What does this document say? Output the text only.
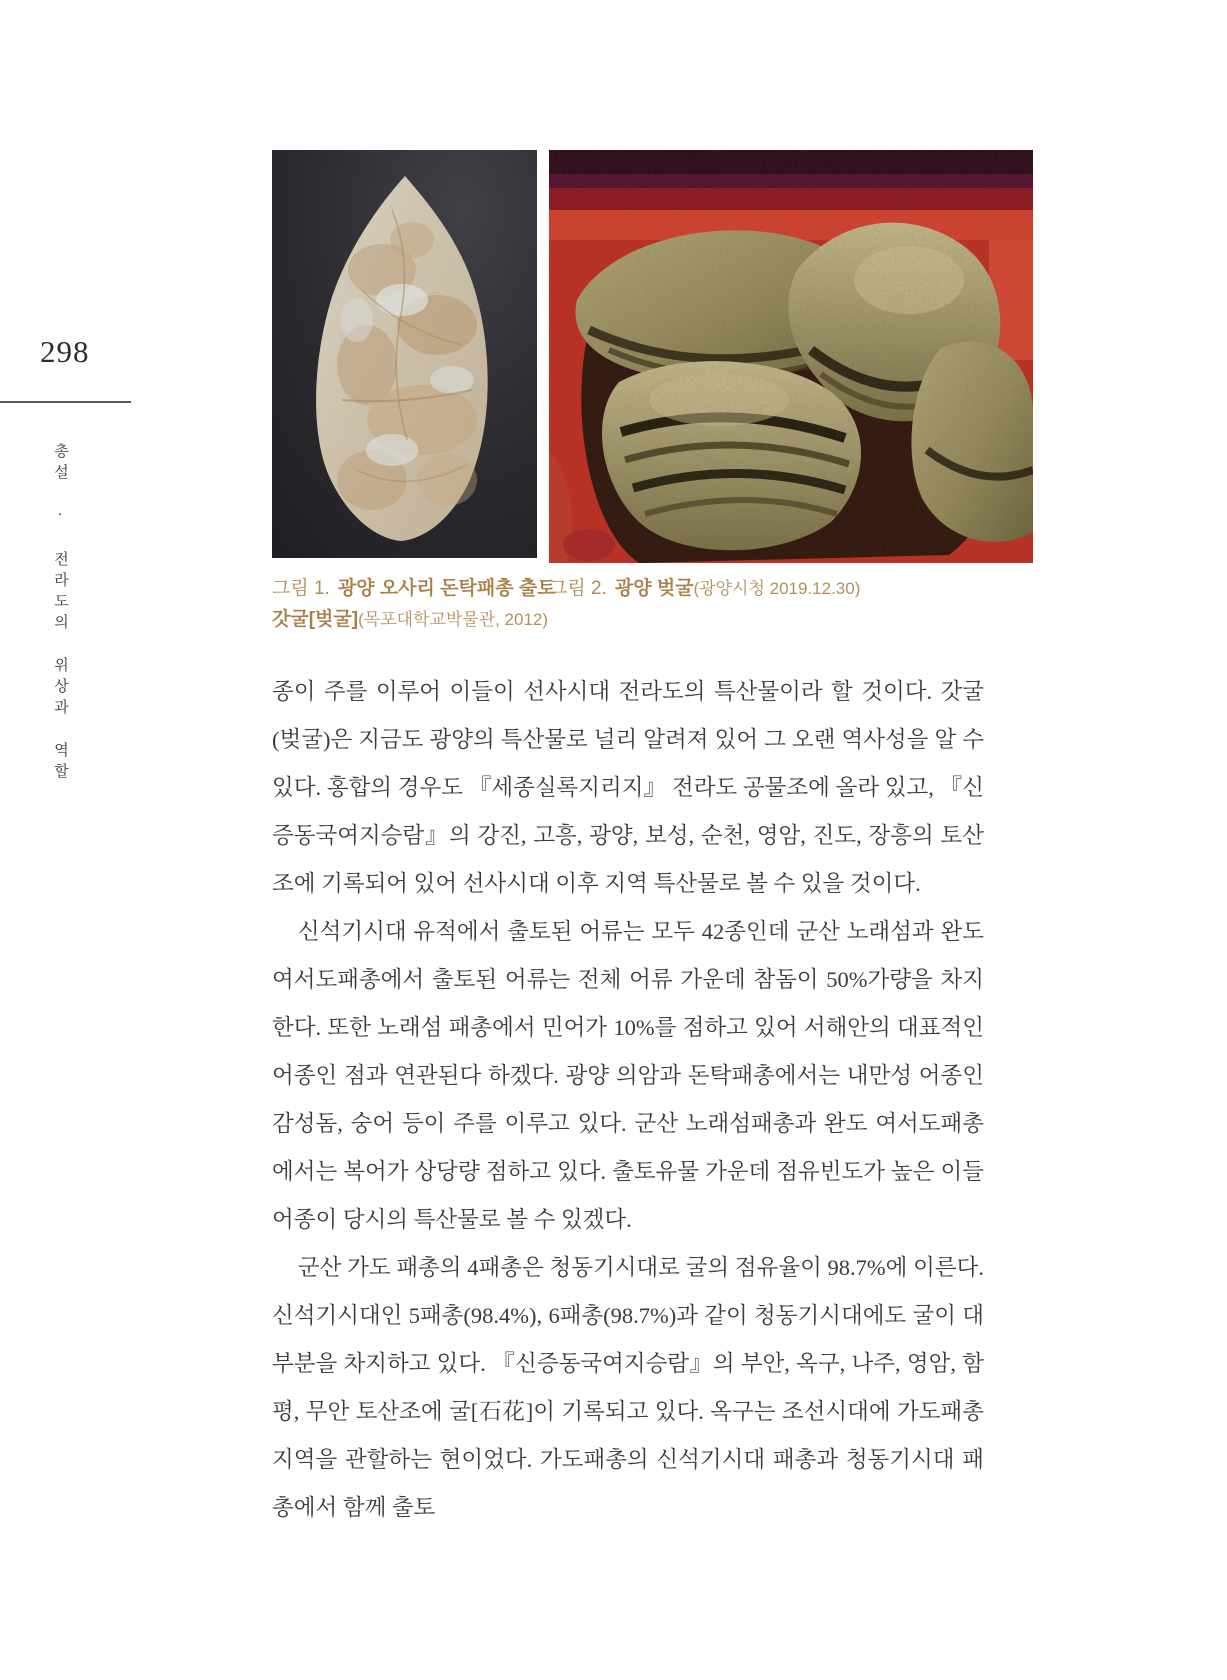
298
총설 · 전라도의 위상과 역할	그림 1. 광양 오사리 돈탁패총 출토 갓굴[벚굴](목포대학교박물관, 2012)
그림 2. 광양 벚굴(광양시청 2019.12.30)

종이 주를 이루어 이들이 선사시대 전라도의 특산물이라 할 것이다. 갓굴(벚굴)은 지금도 광양의 특산물로 널리 알려져 있어 그 오랜 역사성을 알 수 있다. 홍합의 경우도 『세종실록지리지』 전라도 공물조에 올라 있고, 『신증동국여지승람』의 강진, 고흥, 광양, 보성, 순천, 영암, 진도, 장흥의 토산조에 기록되어 있어 선사시대 이후 지역 특산물로 볼 수 있을 것이다.

신석기시대 유적에서 출토된 어류는 모두 42종인데 군산 노래섬과 완도 여서도패총에서 출토된 어류는 전체 어류 가운데 참돔이 50%가량을 차지한다. 또한 노래섬 패총에서 민어가 10%를 점하고 있어 서해안의 대표적인 어종인 점과 연관된다 하겠다. 광양 의암과 돈탁패총에서는 내만성 어종인 감성돔, 숭어 등이 주를 이루고 있다. 군산 노래섬패총과 완도 여서도패총에서는 복어가 상당량 점하고 있다. 출토유물 가운데 점유빈도가 높은 이들 어종이 당시의 특산물로 볼 수 있겠다.

군산 가도 패총의 4패총은 청동기시대로 굴의 점유율이 98.7%에 이른다. 신석기시대인 5패총(98.4%), 6패총(98.7%)과 같이 청동기시대에도 굴이 대부분을 차지하고 있다. 『신증동국여지승람』의 부안, 옥구, 나주, 영암, 함평, 무안 토산조에 굴[石花]이 기록되고 있다. 옥구는 조선시대에 가도패총 지역을 관할하는 현이었다. 가도패총의 신석기시대 패총과 청동기시대 패총에서 함께 출토
